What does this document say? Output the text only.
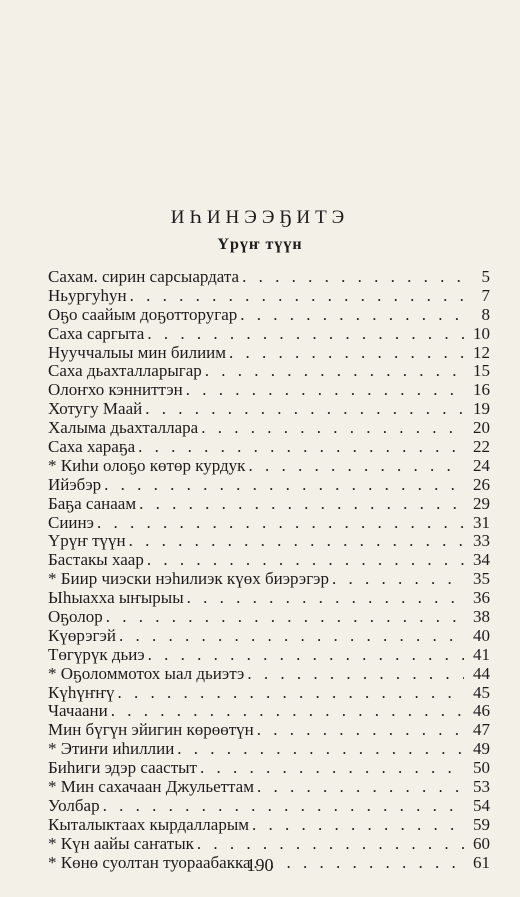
ИҺИНЭЭҔИТЭ
Үрүҥ түүн
Сахам. сирин сарсыардата . . .	5
Ньургуһун . . .	7
Оҕо саайым доҕотторугар . . .	8
Саха саргыта . . .	10
Нууччалыы мин билиим . . .	12
Саха дьахталларыгар . . .	15
Олоҥхо кэнниттэн . . .	16
Хотугу Маай . . .	19
Халыма дьахталлара . . .	20
Саха хараҕа . . .	22
* Киһи олоҕо көтөр курдук . . .	24
Ийэбэр . . .	26
Баҕа санаам . . .	29
Сиинэ . . .	31
Үрүҥ түүн . . .	33
Бастакы хаар . . .	34
* Биир чиэски нэһилиэк күөх биэрэгэр . . .	35
Ыһыахха ыҥырыы . . .	36
Оҕолор . . .	38
Күөрэгэй . . .	40
Төгүрүк дьиэ . . .	41
* Оҕоломмотох ыал дьиэтэ . . .	44
Күһүҥҥү . . .	45
Чачаани . . .	46
Мин бүгүн эйигин көрөөтүн . . .	47
* Этиҥи иһиллии . . .	49
Биһиги эдэр саастыт . . .	50
* Мин сахачаан Джульеттам . . .	53
Уолбар . . .	54
Кыталыктаах кырдалларым . . .	59
* Күн аайы саҥатык . . .	60
* Көнө суолтан туораабакка . . .	61
190
